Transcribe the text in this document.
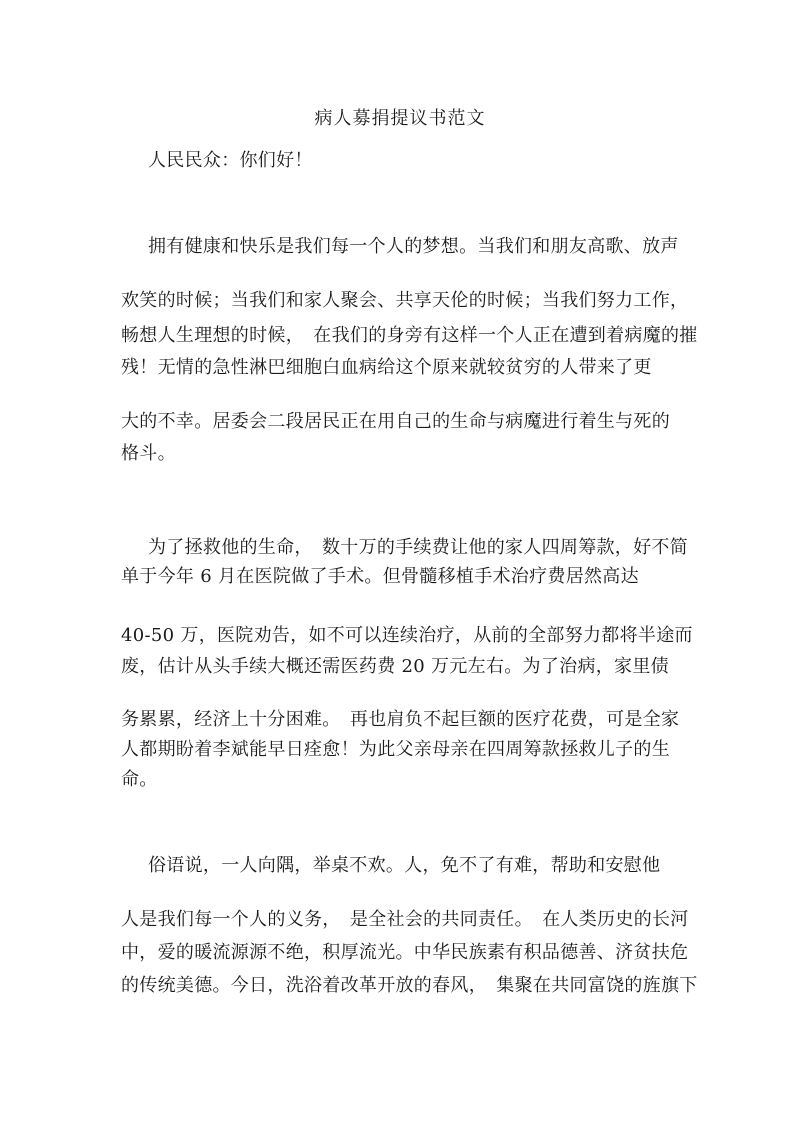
病人募捐提议书范文
人民民众：你们好！
拥有健康和快乐是我们每一个人的梦想。当我们和朋友高歌、放声
欢笑的时候；当我们和家人聚会、共享天伦的时候；当我们努力工作，
畅想人生理想的时候，　在我们的身旁有这样一个人正在遭到着病魔的摧
残！无情的急性淋巴细胞白血病给这个原来就较贫穷的人带来了更
大的不幸。居委会二段居民正在用自己的生命与病魔进行着生与死的
格斗。
为了拯救他的生命，　数十万的手续费让他的家人四周筹款，好不简
单于今年 6 月在医院做了手术。但骨髓移植手术治疗费居然高达
40-50 万，医院劝告，如不可以连续治疗，从前的全部努力都将半途而
废，估计从头手续大概还需医药费 20 万元左右。为了治病，家里债
务累累，经济上十分困难。　再也肩负不起巨额的医疗花费，可是全家
人都期盼着李斌能早日痊愈！为此父亲母亲在四周筹款拯救儿子的生
命。
俗语说，一人向隅，举桌不欢。人，免不了有难，帮助和安慰他
人是我们每一个人的义务，　是全社会的共同责任。　在人类历史的长河
中，爱的暖流源源不绝，积厚流光。中华民族素有积品德善、济贫扶危
的传统美德。今日，洗浴着改革开放的春风，　集聚在共同富饶的旌旗下
